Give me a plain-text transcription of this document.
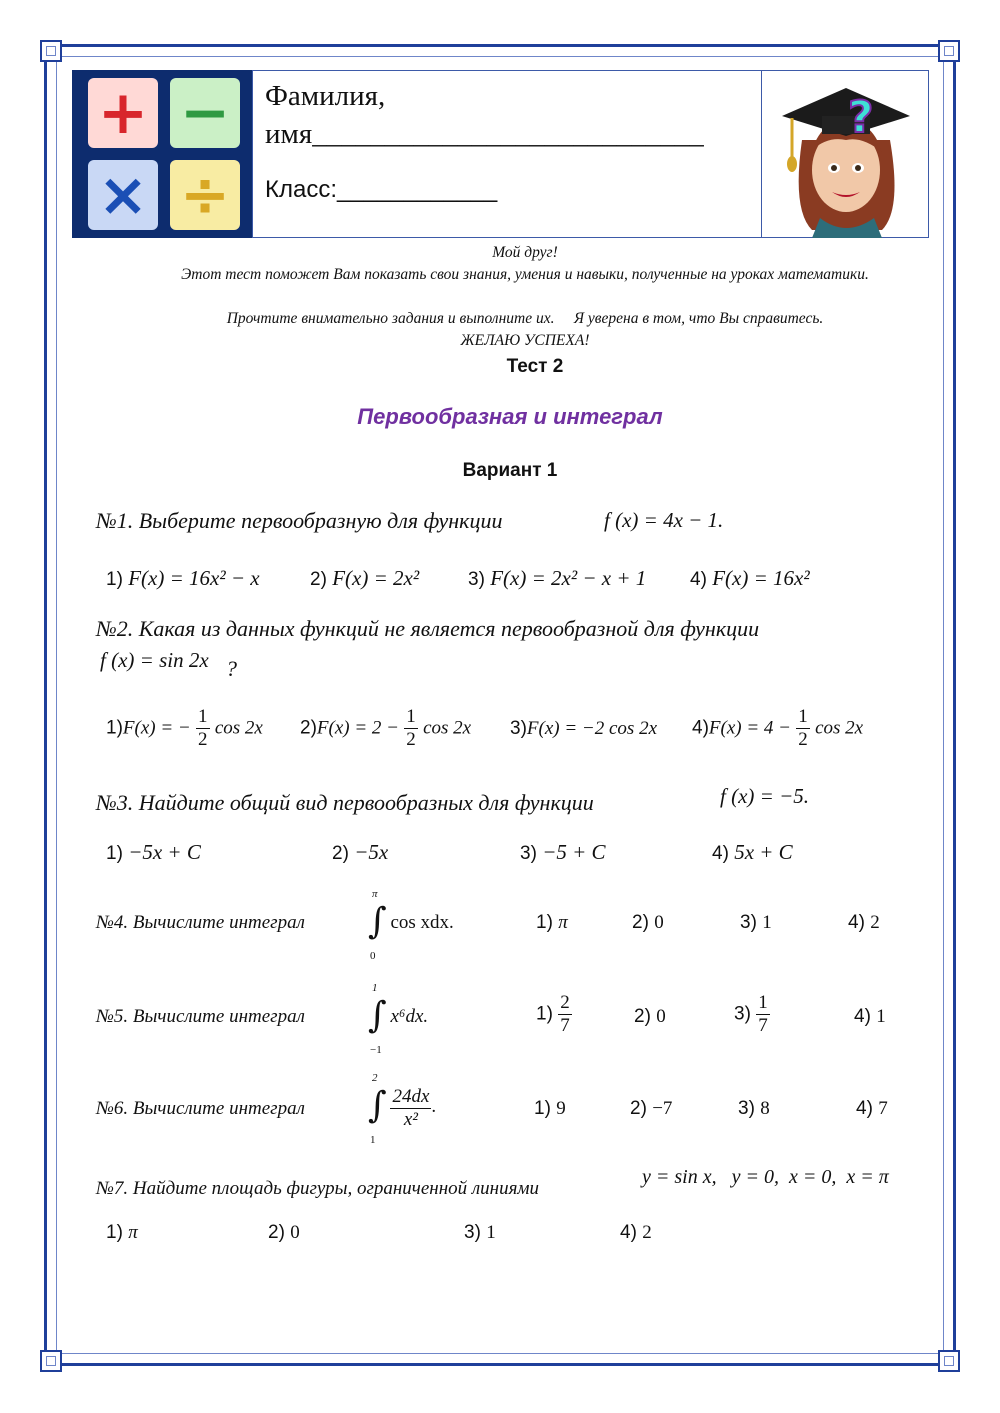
+ −
× ÷
Фамилия,
имя___________________________
Класс:____________
?
Мой друг!
Этот тест поможет Вам показать свои знания, умения и навыки, полученные на уроках математики.
Прочтите внимательно задания и выполните их.     Я уверена в том, что Вы справитесь.
ЖЕЛАЮ УСПЕХА!
Тест 2
Первообразная и интеграл
Вариант 1
№1. Выберите первообразную для функции	f (x) = 4x − 1.
1) F(x) = 16x² − x	2) F(x) = 2x²	3) F(x) = 2x² − x + 1 4) F(x) = 16x²
№2. Какая из данных функций не является первообразной для функции
f (x) = sin 2x ?
1)F(x) = − $\frac{1}{2}$ cos 2x $2)F(x) = 2 - \frac{1}{2}$ cos 2x 3)F(x) = −2 cos 2x $4)F(x) = 4 - \frac{1}{2}$ cos 2x
№3. Найдите общий вид первообразных для функции	f (x) = −5.
1) −5x + C	2) −5x	3) −5 + C	4) 5x + C
№4. Вычислите интеграл ∫
π
0
cos xdx.	1) π	2) 0	3) 1	4) 2
№5. Вычислите интеграл ∫
1
−1
x⁶dx.	$1) \frac{2}{7}$	2) 0	$3) \frac{1}{7}$	4) 1
№6. Вычислите интеграл ∫
2
1

$\frac{24dx}{\text{x²}}$ .	1) 9	2) −7	3) 8	4) 7
№7. Найдите площадь фигуры, ограниченной линиями
y = sin x,   y = 0,  x = 0,  x = π
1) π	2) 0	3) 1	4) 2
